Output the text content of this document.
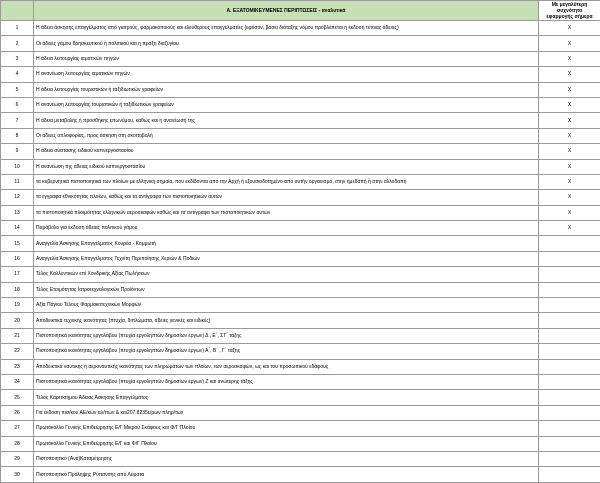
	Α. ΕΞΑΤΟΜΙΚΕΥΜΕΝΕΣ ΠΕΡΙΠΤΩΣΕΙΣ - αναλυτικά	Με μεγαλύτερη
συχνότητα
εφαρμογής σήμερα
1	Η άδεια άσκησης επαγγέλματος από γιατρούς, φαρμακοποιούς και ελεύθερους επαγγελματίες (εφόσον, βάσει διάταξης νόμου προβλέπεται η έκδοση τέτοιας άδειας)	X
2	Οι άδειες γάμου θρησκευτικού ή πολιτικού και η πράξη διαζυγίου	X
3	Η άδεια λειτουργίας ιαματικών πηγών	X
4	Η ανανέωση λειτουργίας ιαματικών πηγών	X
5	Η άδεια λειτουργίας τουριστικών ή ταξιδιωτικών γραφείων	X
6	Η ανανέωση λειτουργίας τουριστικών ή ταξιδιωτικών γραφείων	X
7	Η άδεια μεταβολής ή προσθήκης επωνύμου, καθώς και η ανανέωσή της	X
8	Οι άδειες οπλοφορίας, προς άσκηση στη σκοποβολή	X
9	Η άδεια σύστασης ειδικού καπνεργοστασίου	X
10	Η ανανέωση της άδειας ειδικού καπνεργοστασίου	X
11	τα κυβερνητικά πιστοποιητικά των πλοίων με ελληνική σημαία, που εκδίδονται από την Αρχή ή εξουσιοδοτημένο από αυτήν οργανισμό, στην ημεδαπή ή στην αλλοδαπή	X
12	τα έγγραφα εθνικότητας πλοίων, καθώς και τα αντίγραφα των πιστοποιητικών αυτών	X
13	τα πιστοποιητικά πλοιμότητας ελληνικών αεροσκαφών καθώς και τα αντίγραφα των πιστοποιητικών αυτών	X
14	Παράβολο για έκδοση άδειας πολιτικού γάμου	X
15	Αναγγελία Άσκησης Επαγγέλματος Κουρέα - Κομμωτή	
16	Αναγγελία Άσκησης Επαγγέλματος Τεχνίτη Περιποίησης Χεριών & Ποδιών	
17	Τέλος Καλλυντικών επί Χονδρικής Αξίας Πωλήσεων	
18	Τέλος Ετοιμότητας Ιατροτεχνολογικών Προϊόντων	
19	Αξία Πάγιου Τέλους Φαρμακοτεχνικών Μορφών	
20	Αποδεικτικά τεχνικής ικανότητας (πτυχία, διπλώματα, άδειες γενικές και ειδικές)	
21	Πιστοποιητικά ικανότητας εργολάβου (πτυχία εργοληπτών δημοσίων έργων) Δ , Ε΄, ΣΤ΄ τάξης	
22	Πιστοποιητικά ικανότητας εργολάβου (πτυχία εργοληπτών δημοσίων έργων) Α΄, Β΄ , Γ΄ τάξης	
23	Αποδεικτικά ναυτικής ή αεροναυτικής ικανότητας των πληρωμάτων των πλοίων, των αεροσκαφών, ως και του προσωπικού εδάφους	
24	Πιστοποιητικά ικανότητας εργολάβου (πτυχία εργοληπτών δημοσίων έργων) Ζ και ανώτερης τάξης	
25	Τέλος Καρτοσήμου Άδειας Άσκησης Επαγγέλματος	
26	Για έκδοση πισ/κού ΑΕ/κών αλ/πων & και207.8235ε/ρων πληρ/των	
27	Πρωτόκολλο Γενικής Επιθεώρησης Ε/Γ Μικρού Σκάφους και Φ/Γ Πλοίου	
28	Πρωτόκολλο Γενικής Επιθεώρησης Ε/Γ και Φ/Γ Πλοίου	
29	Πιστοποιητικό (Ανά)Καταμέτρησης	
30	Πιστοποιητικό Πρόληψης Ρύπανσης από Λύματα	
